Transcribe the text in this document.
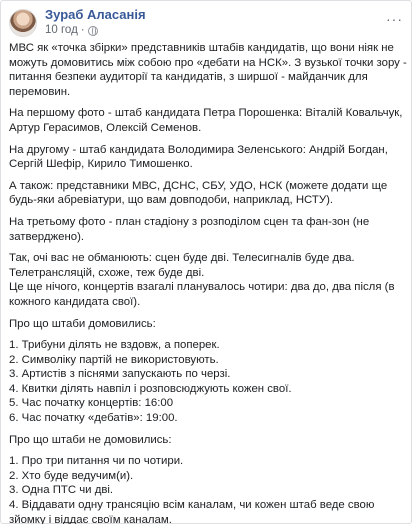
Зураб Аласанія
10 год ·
···
МВС як «точка збірки» представників штабів кандидатів, що вони ніяк не
можуть домовитись між собою про «дебати на НСК». З вузької точки зору -
питання безпеки аудиторії та кандидатів, з ширшої - майданчик для
перемовин.
На першому фото - штаб кандидата Петра Порошенка: Віталій Ковальчук,
Артур Герасимов, Олексій Семенов.
На другому - штаб кандидата Володимира Зеленського: Андрій Богдан,
Сергій Шефір, Кирило Тимошенко.
А також: представники МВС, ДСНС, СБУ, УДО, НСК (можете додати ще
будь-яки абревіатури, що вам довподоби, наприклад, НСТУ).
На третьому фото - план стадіону з розподілом сцен та фан-зон (не
затверджено).
Так, очі вас не обманюють: сцен буде дві. Телесигналів буде два.
Телетрансляцій, схоже, теж буде дві.
Це ще нічого, концертів взагалі планувалось чотири: два до, два після (в
кожного кандидата свої).
Про що штаби домовились:
1. Трибуни ділять не вздовж, а поперек.
2. Символіку партій не використовують.
3. Артистів з піснями запускають по черзі.
4. Квитки ділять навпіл і розповсюджують кожен свої.
5. Час початку концертів: 16:00
6. Час початку «дебатів»: 19:00.
Про що штаби не домовились:
1. Про три питання чи по чотири.
2. Хто буде ведучим(и).
3. Одна ПТС чи дві.
4. Віддавати одну трансяцію всім каналам, чи кожен штаб веде свою
зйомку і віддає своїм каналам.
